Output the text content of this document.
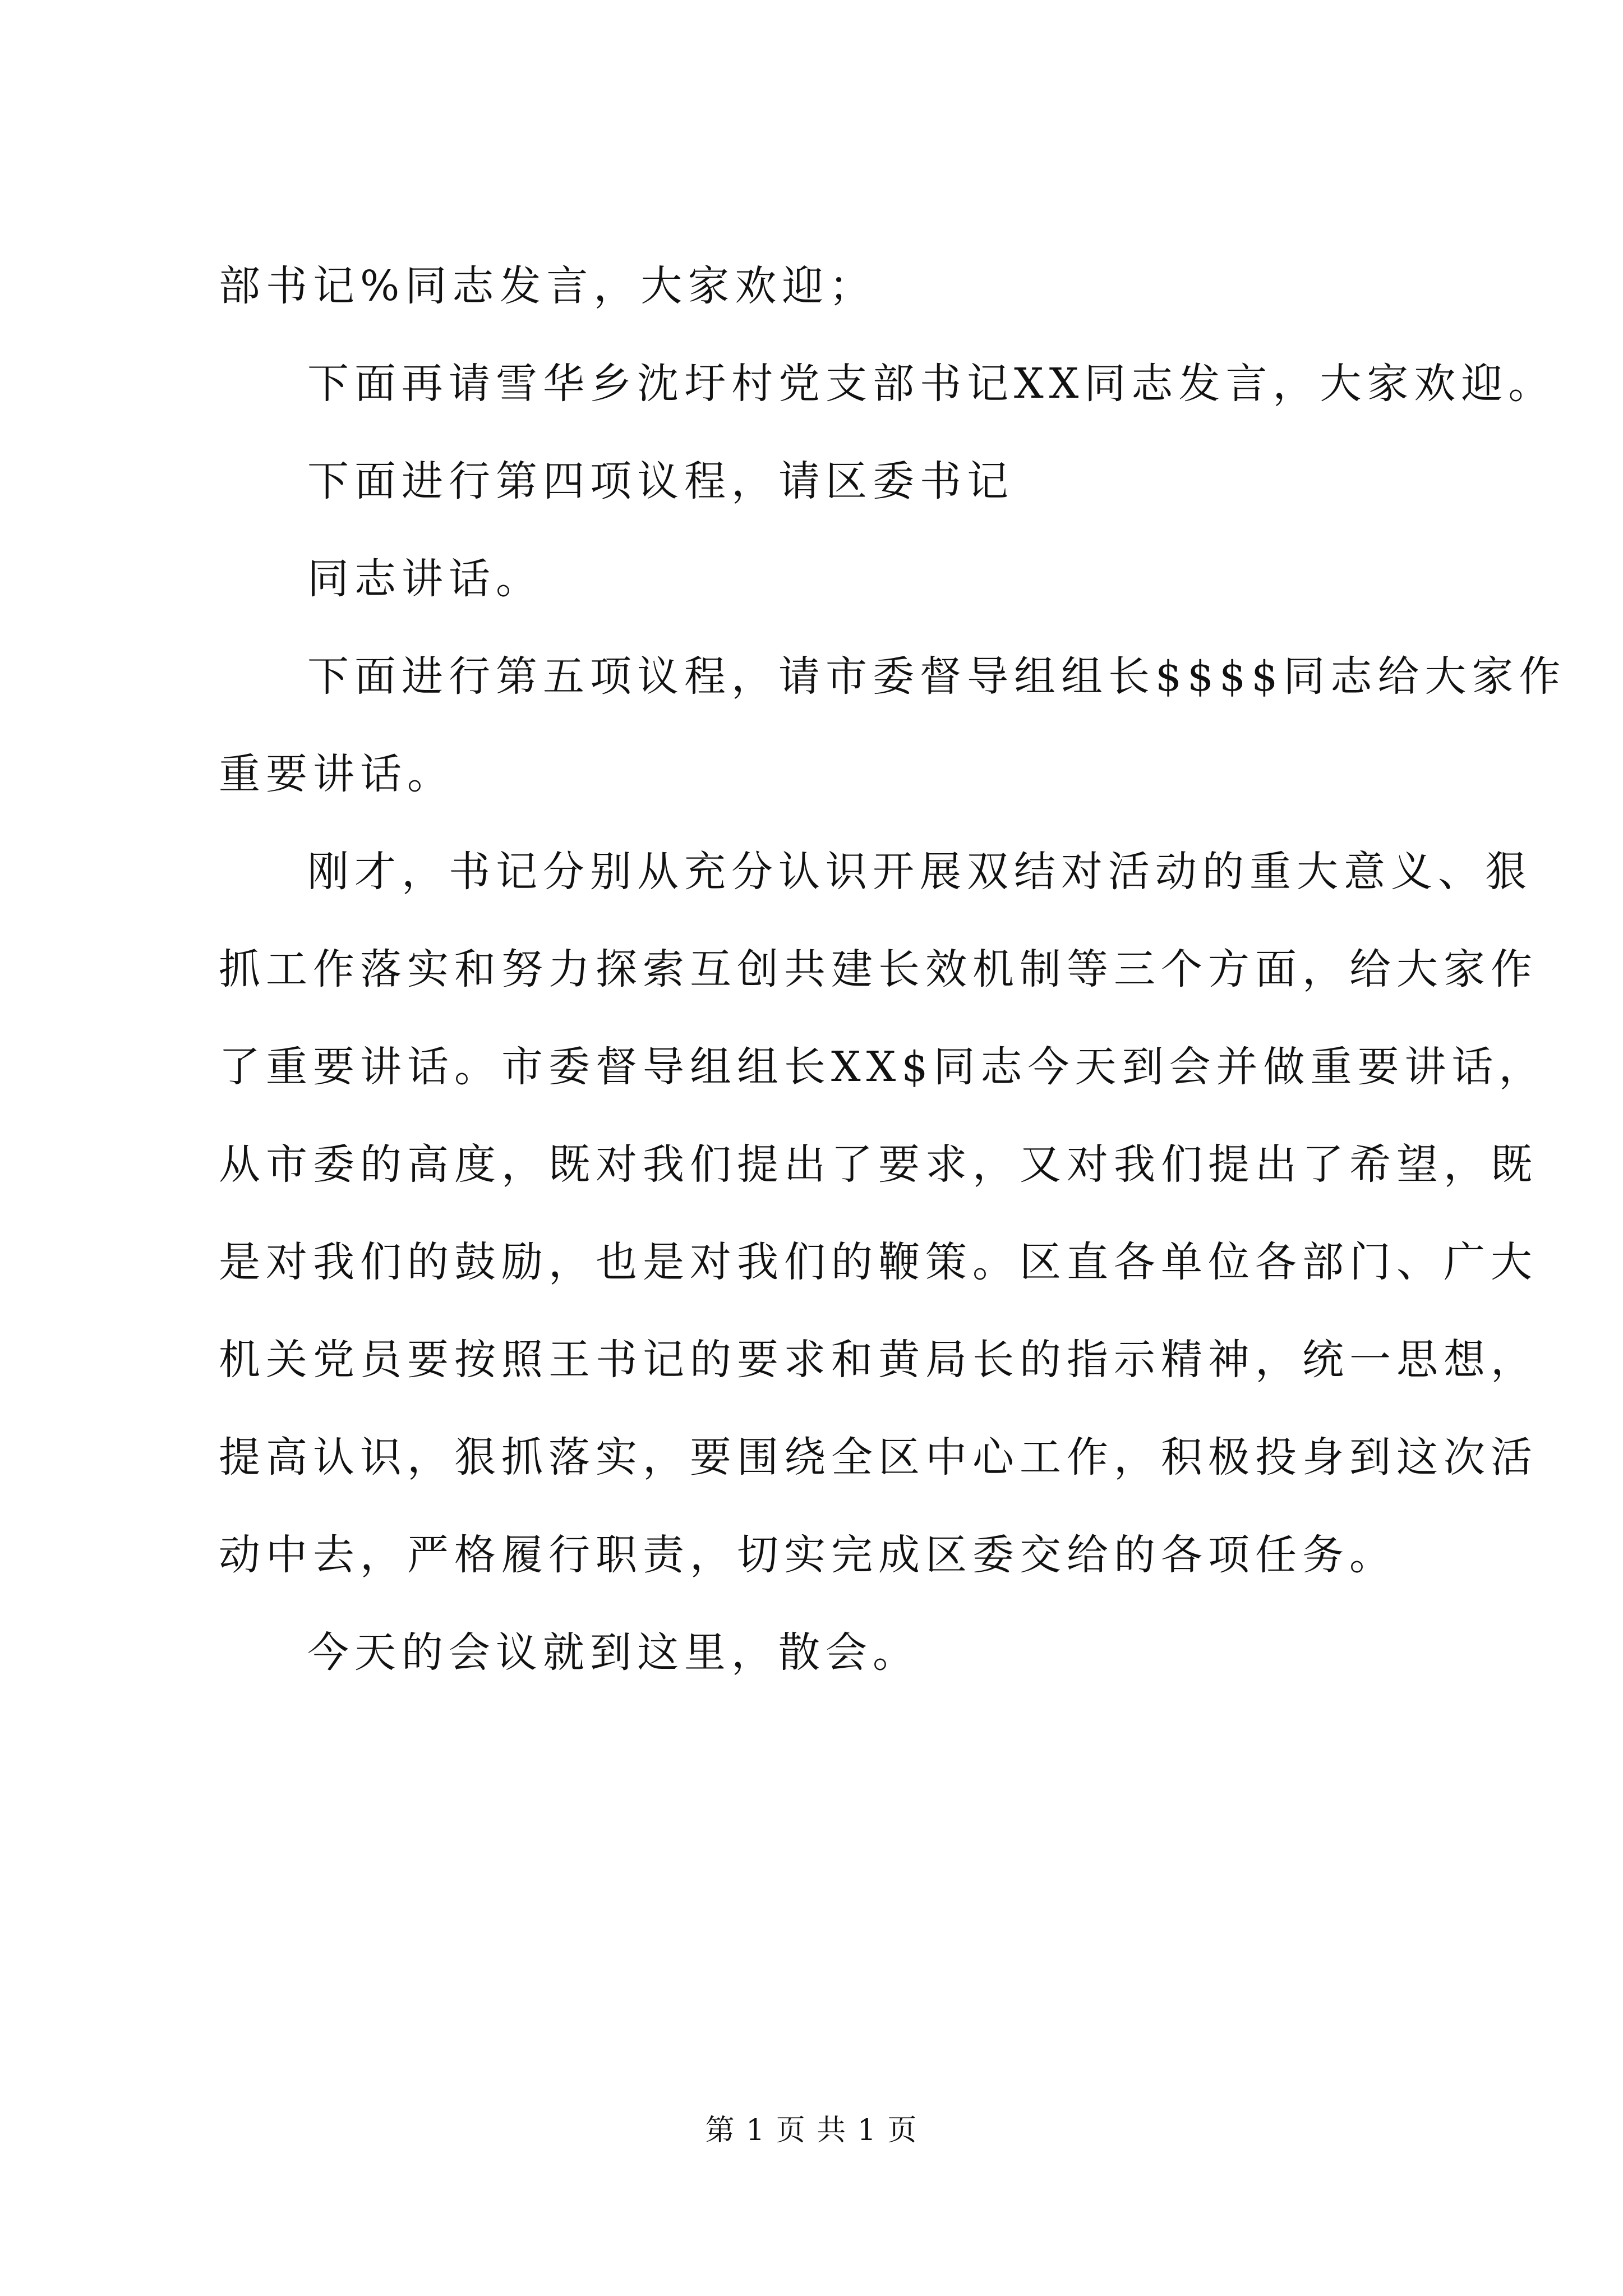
部书记%同志发言，大家欢迎；
下面再请雪华乡沈圩村党支部书记XX同志发言，大家欢迎。
下面进行第四项议程，请区委书记
同志讲话。
下面进行第五项议程，请市委督导组组长$$$$同志给大家作
重要讲话。
刚才，书记分别从充分认识开展双结对活动的重大意义、狠
抓工作落实和努力探索互创共建长效机制等三个方面，给大家作
了重要讲话。市委督导组组长XX$同志今天到会并做重要讲话，
从市委的高度，既对我们提出了要求，又对我们提出了希望，既
是对我们的鼓励，也是对我们的鞭策。区直各单位各部门、广大
机关党员要按照王书记的要求和黄局长的指示精神，统一思想，
提高认识，狠抓落实，要围绕全区中心工作，积极投身到这次活
动中去，严格履行职责，切实完成区委交给的各项任务。
今天的会议就到这里，散会。
第 1 页 共 1 页
